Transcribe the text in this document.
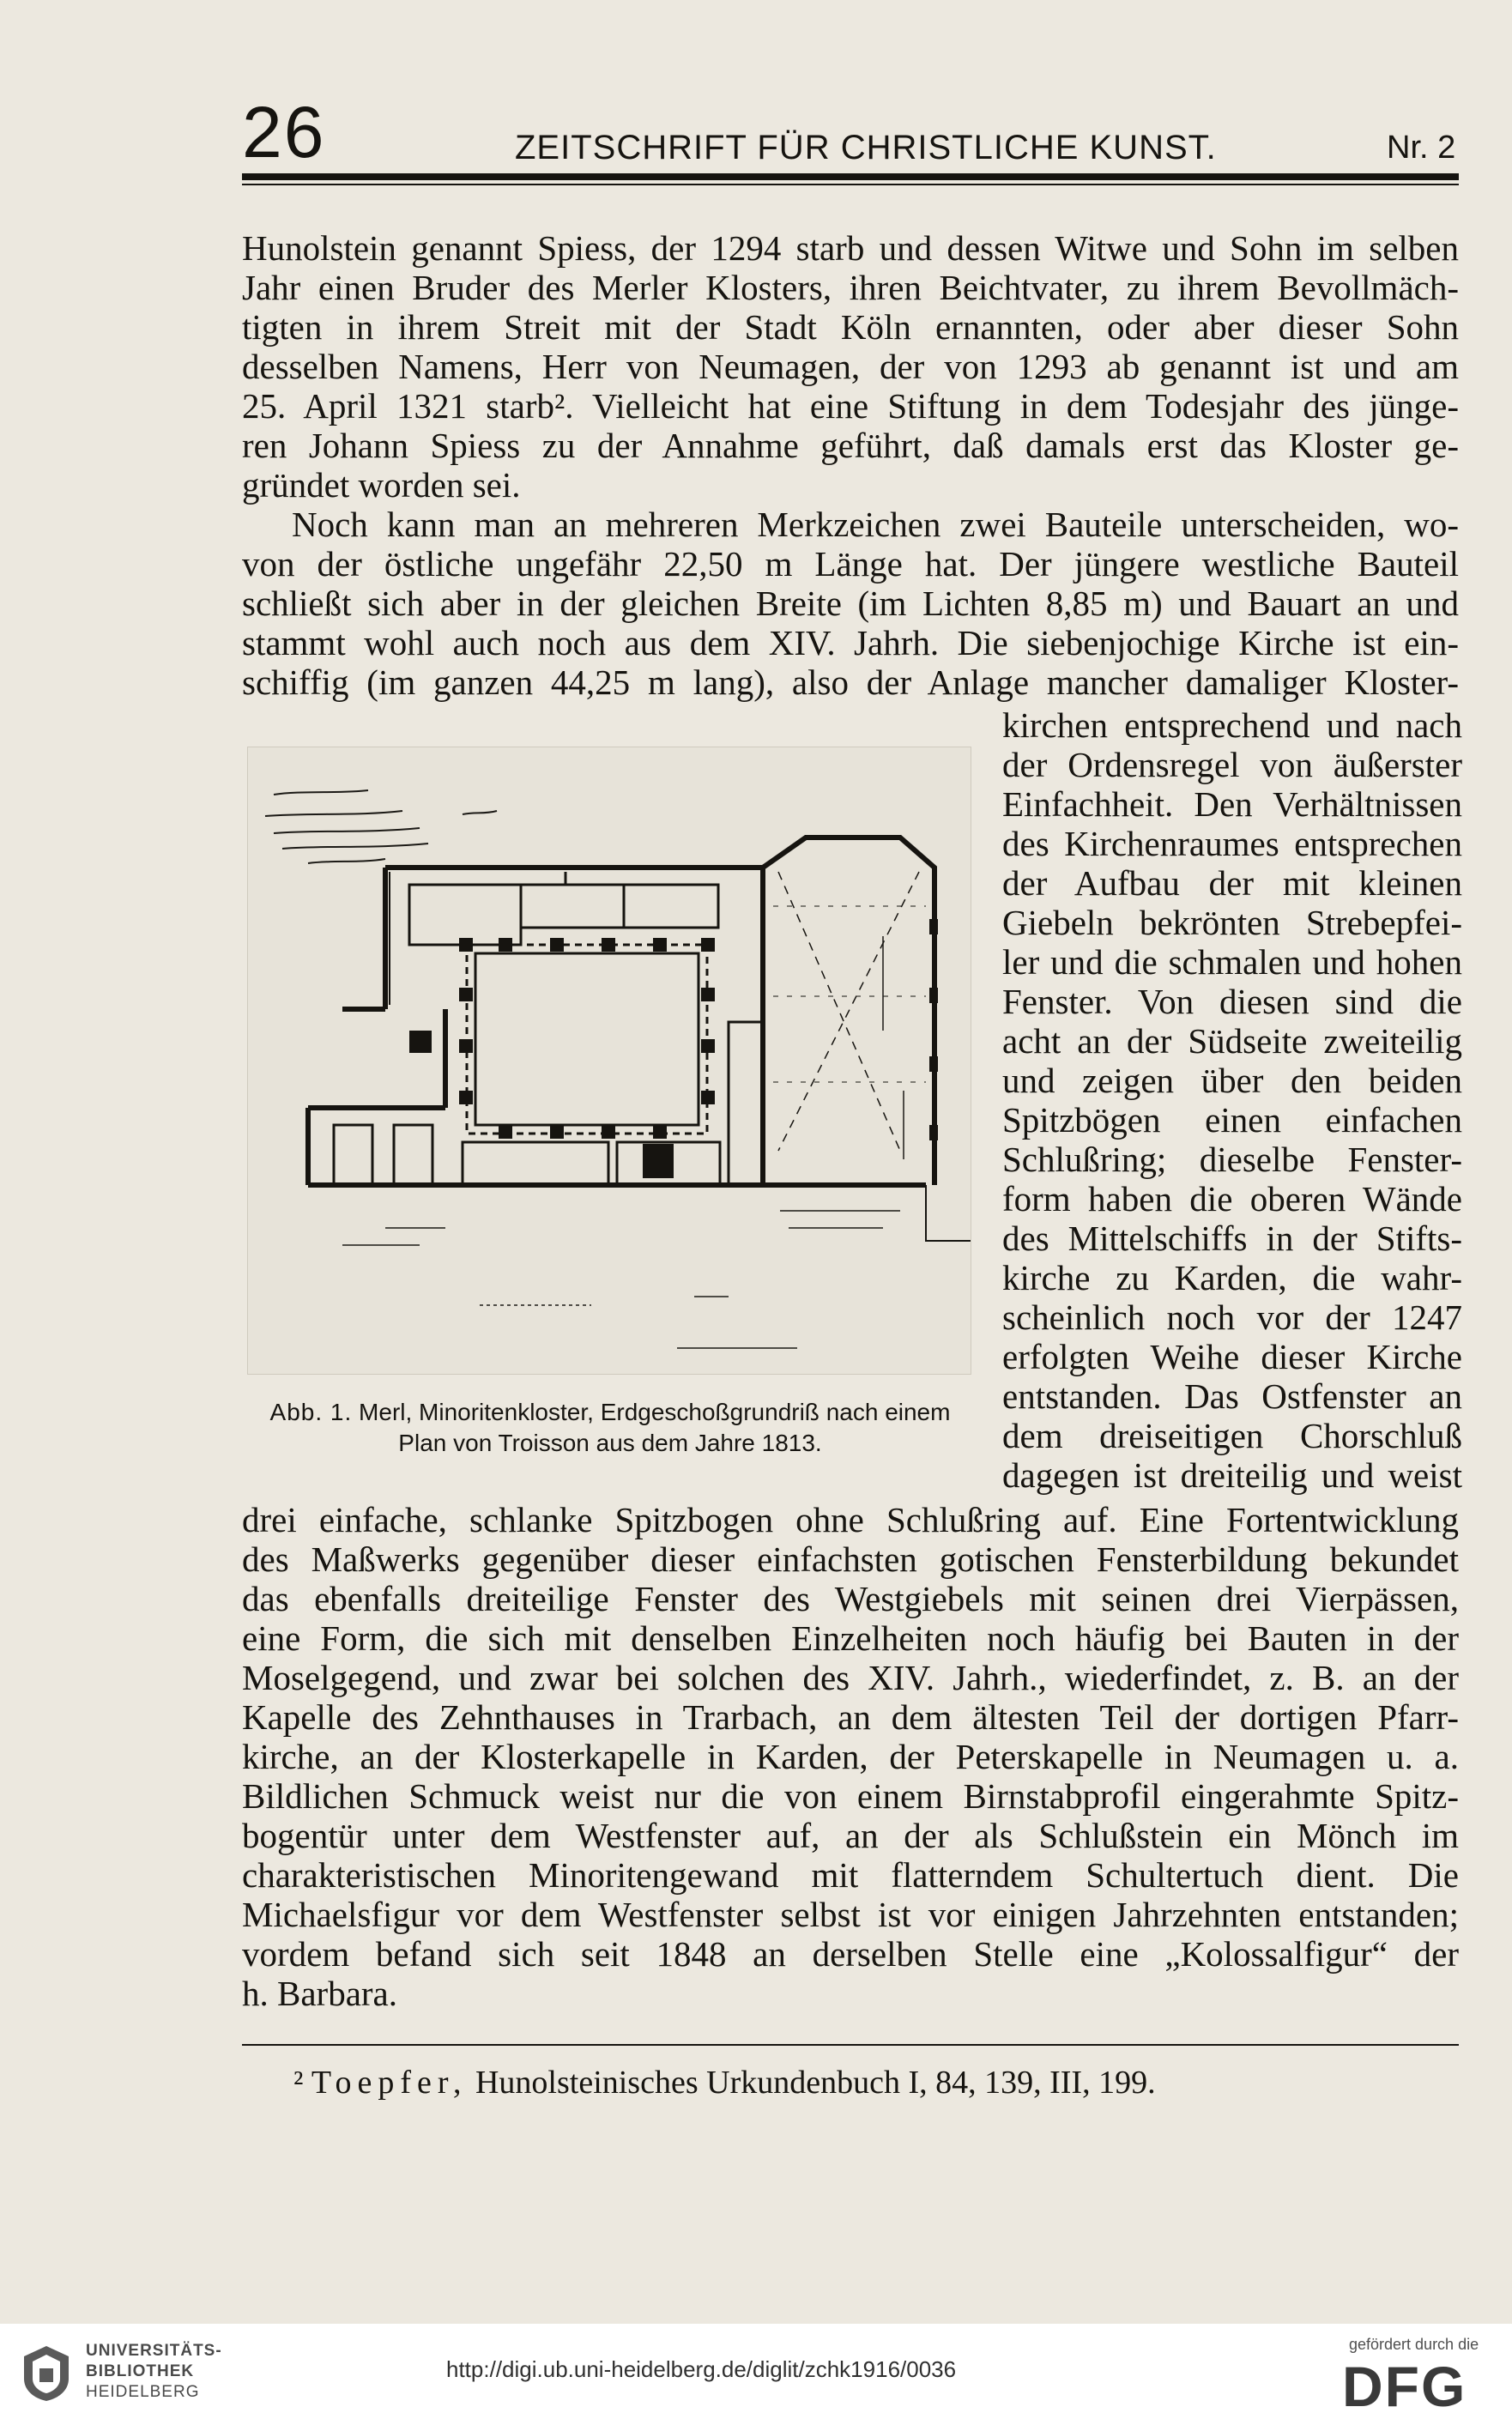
26	ZEITSCHRIFT FÜR CHRISTLICHE KUNST.	Nr. 2
Hunolstein genannt Spiess, der 1294 starb und dessen Witwe und Sohn im selben
Jahr einen Bruder des Merler Klosters, ihren Beichtvater, zu ihrem Bevollmäch-
tigten in ihrem Streit mit der Stadt Köln ernannten, oder aber dieser Sohn
desselben Namens, Herr von Neumagen, der von 1293 ab genannt ist und am
25. April 1321 starb². Vielleicht hat eine Stiftung in dem Todesjahr des jünge-
ren Johann Spiess zu der Annahme geführt, daß damals erst das Kloster ge-
gründet worden sei.
Noch kann man an mehreren Merkzeichen zwei Bauteile unterscheiden, wo-
von der östliche ungefähr 22,50 m Länge hat. Der jüngere westliche Bauteil
schließt sich aber in der gleichen Breite (im Lichten 8,85 m) und Bauart an und
stammt wohl auch noch aus dem XIV. Jahrh. Die siebenjochige Kirche ist ein-
schiffig (im ganzen 44,25 m lang), also der Anlage mancher damaliger Kloster-
kirchen entsprechend und nach
der Ordensregel von äußerster
Einfachheit. Den Verhältnissen
des Kirchenraumes entsprechen
der Aufbau der mit kleinen
Giebeln bekrönten Strebepfei-
ler und die schmalen und hohen
Fenster. Von diesen sind die
acht an der Südseite zweiteilig
und zeigen über den beiden
Spitzbögen einen einfachen
Schlußring; dieselbe Fenster-
form haben die oberen Wände
des Mittelschiffs in der Stifts-
kirche zu Karden, die wahr-
scheinlich noch vor der 1247
erfolgten Weihe dieser Kirche
entstanden. Das Ostfenster an
dem dreiseitigen Chorschluß
dagegen ist dreiteilig und weist
Abb. 1. Merl, Minoritenkloster, Erdgeschoßgrundriß nach einem
Plan von Troisson aus dem Jahre 1813.
drei einfache, schlanke Spitzbogen ohne Schlußring auf. Eine Fortentwicklung
des Maßwerks gegenüber dieser einfachsten gotischen Fensterbildung bekundet
das ebenfalls dreiteilige Fenster des Westgiebels mit seinen drei Vierpässen,
eine Form, die sich mit denselben Einzelheiten noch häufig bei Bauten in der
Moselgegend, und zwar bei solchen des XIV. Jahrh., wiederfindet, z. B. an der
Kapelle des Zehnthauses in Trarbach, an dem ältesten Teil der dortigen Pfarr-
kirche, an der Klosterkapelle in Karden, der Peterskapelle in Neumagen u. a.
Bildlichen Schmuck weist nur die von einem Birnstabprofil eingerahmte Spitz-
bogentür unter dem Westfenster auf, an der als Schlußstein ein Mönch im
charakteristischen Minoritengewand mit flatterndem Schultertuch dient. Die
Michaelsfigur vor dem Westfenster selbst ist vor einigen Jahrzehnten entstanden;
vordem befand sich seit 1848 an derselben Stelle eine „Kolossalfigur“ der
h. Barbara.
² Toepfer, Hunolsteinisches Urkundenbuch I, 84, 139, III, 199.
UNIVERSITÄTS-
BIBLIOTHEK
HEIDELBERG
http://digi.ub.uni-heidelberg.de/diglit/zchk1916/0036
gefördert durch die
DFG
